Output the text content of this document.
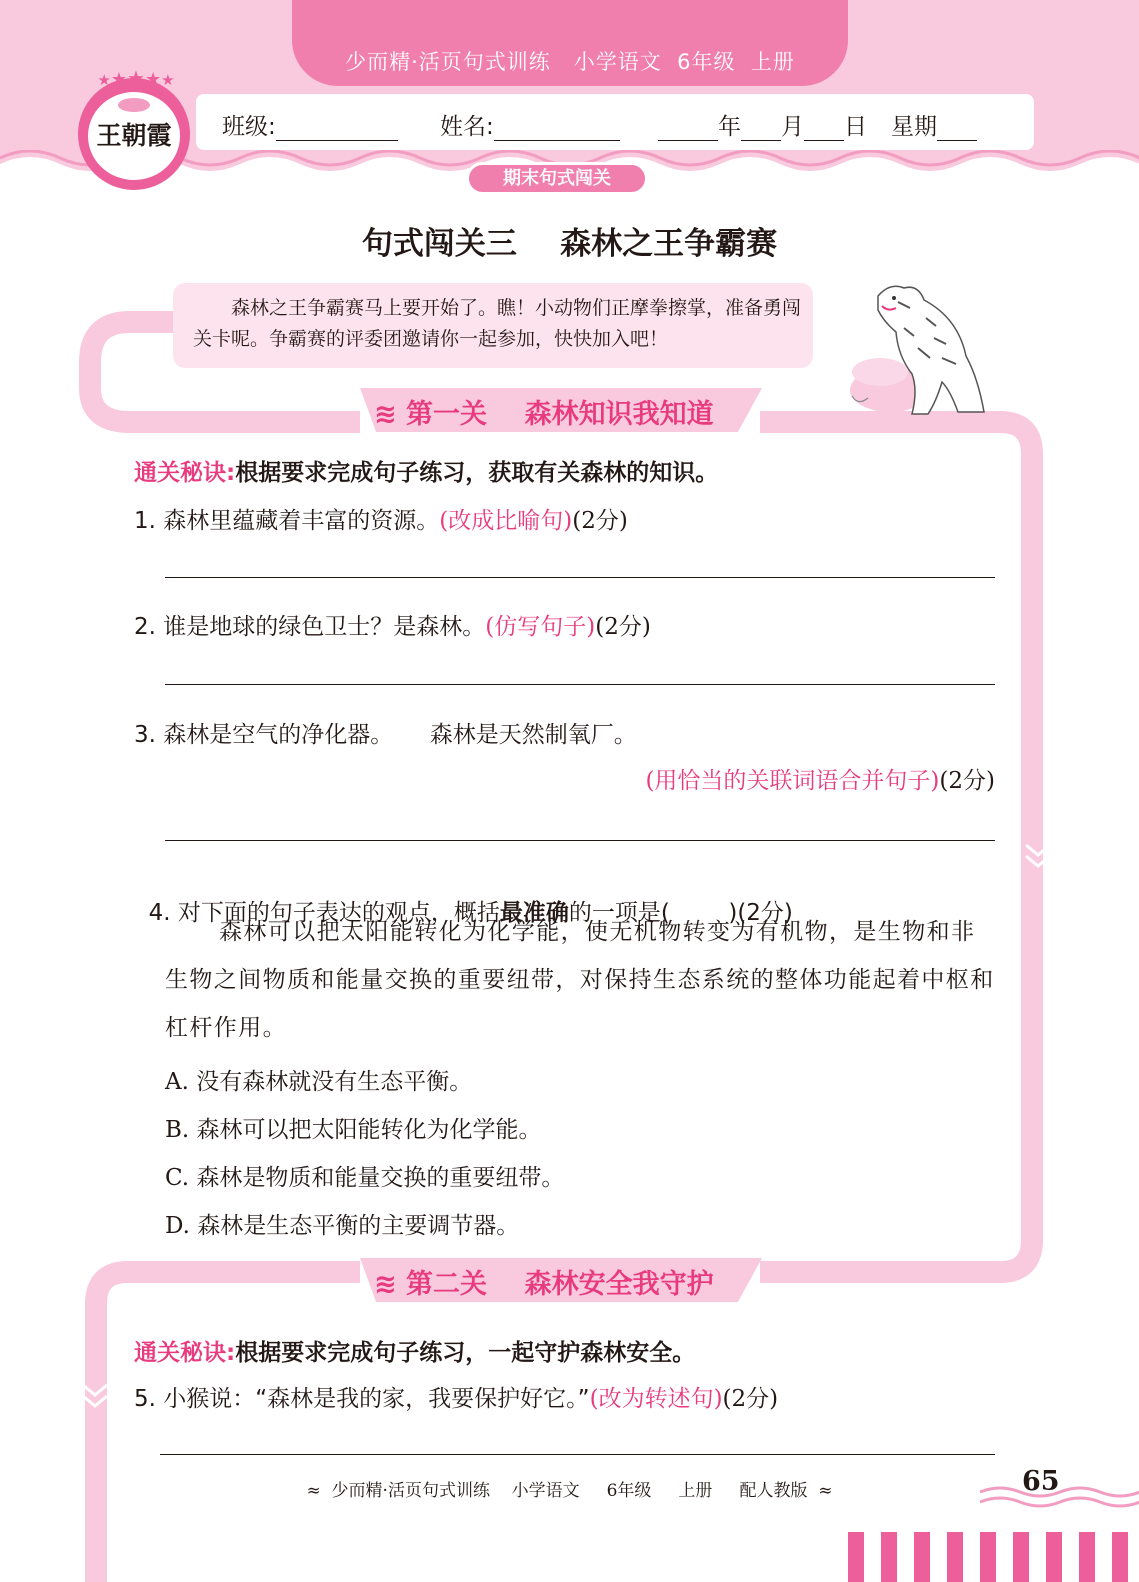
少而精·活页句式训练   小学语文  6年级  上册
班级:	姓名:	年 月 日 星期
期末句式闯关
★★★★★
王朝霞
句式闯关三    森林之王争霸赛
森林之王争霸赛马上要开始了。瞧！小动物们正摩拳擦掌，准备勇闯关卡呢。争霸赛的评委团邀请你一起参加，快快加入吧！

≋ 第一关    森林知识我知道

通关秘诀:根据要求完成句子练习，获取有关森林的知识。
1. 森林里蕴藏着丰富的资源。(改成比喻句)(2分)
2. 谁是地球的绿色卫士？是森林。(仿写句子)(2分)
3. 森林是空气的净化器。     森林是天然制氧厂。
(用恰当的关联词语合并句子)(2分)

4. 对下面的句子表达的观点，概括最准确的一项是(        )(2分)

森林可以把太阳能转化为化学能，使无机物转变为有机物，是生物和非生物之间物质和能量交换的重要纽带，对保持生态系统的整体功能起着中枢和杠杆作用。
A. 没有森林就没有生态平衡。
B. 森林可以把太阳能转化为化学能。
C. 森林是物质和能量交换的重要纽带。
D. 森林是生态平衡的主要调节器。

≋ 第二关    森林安全我守护

通关秘诀:根据要求完成句子练习，一起守护森林安全。
5. 小猴说：“森林是我的家，我要保护好它。”(改为转述句)(2分)
≈  少而精·活页句式训练    小学语文     6年级     上册     配人教版  ≈	65
